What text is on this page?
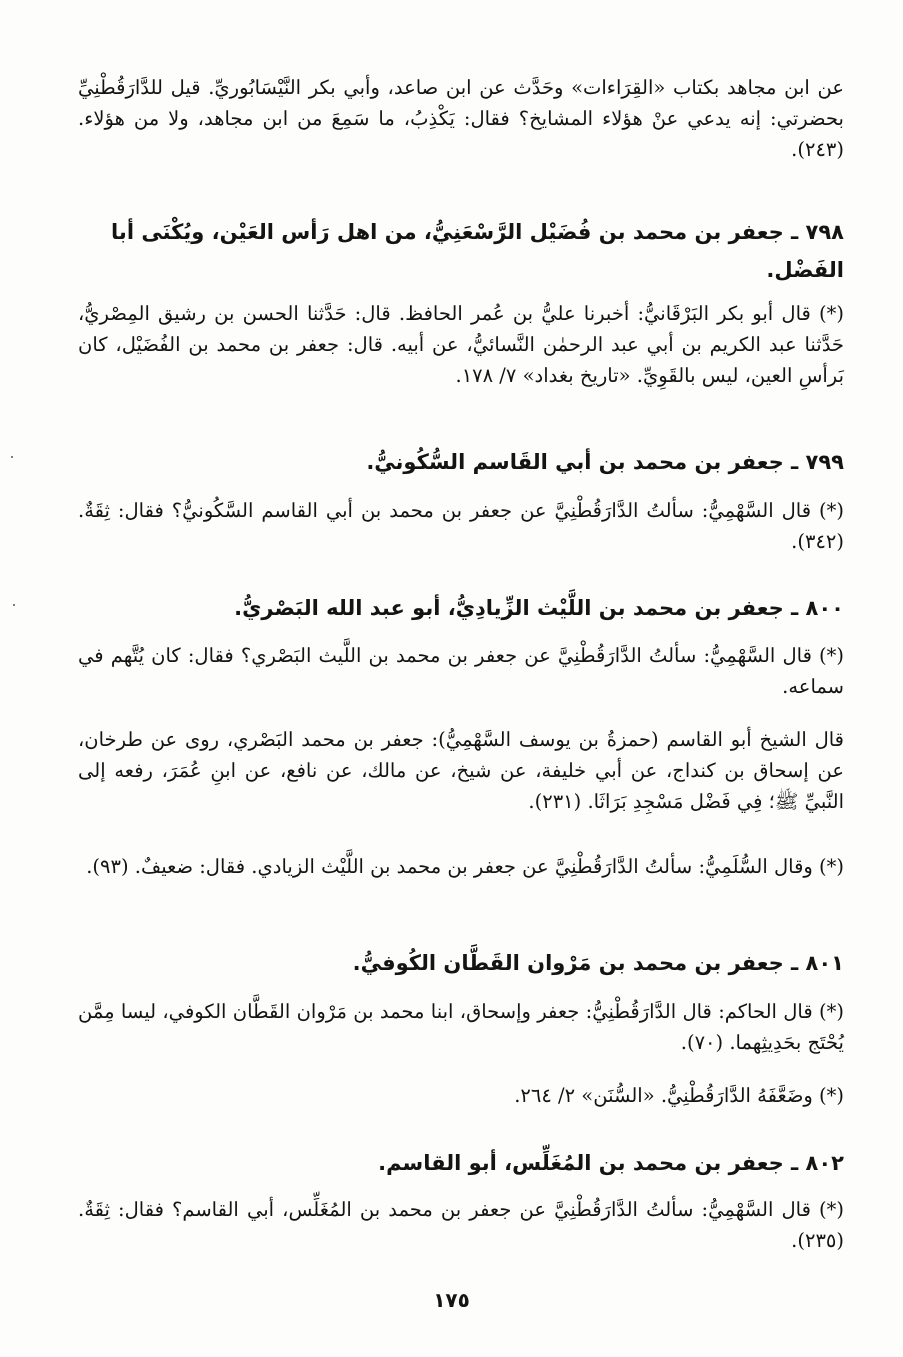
عن ابن مجاهد بكتاب «القِرَاءات» وحَدَّث عن ابن صاعد، وأبي بكر النَّيْسَابُوريِّ. قيل للدَّارَقُطْنِيِّ بحضرتي: إنه يدعي عنْ هؤلاء المشايخ؟ فقال: يَكْذِبُ، ما سَمِعَ من ابن مجاهد، ولا من هؤلاء. (٢٤٣).
٧٩٨ ـ جعفر بن محمد بن فُضَيْل الرَّسْعَنِيُّ، من اهل رَأس العَيْن، ويُكْنَى أبا الفَضْل.
(*) قال أبو بكر البَرْقَانيُّ: أخبرنا عليُّ بن عُمر الحافظ. قال: حَدَّثنا الحسن بن رشيق المِصْريُّ، حَدَّثنا عبد الكريم بن أبي عبد الرحمٰن النَّسائيُّ، عن أبيه. قال: جعفر بن محمد بن الفُضَيْل، كان بَرأسِ العين، ليس بالقَوِيِّ. «تاريخ بغداد» ٧/ ١٧٨.
٧٩٩ ـ جعفر بن محمد بن أبي القَاسم السُّكُونيُّ.
(*) قال السَّهْمِيُّ: سألتُ الدَّارَقُطْنِيَّ عن جعفر بن محمد بن أبي القاسم السَّكُونيُّ؟ فقال: ثِقَةٌ. (٣٤٢).
٨٠٠ ـ جعفر بن محمد بن اللَّيْث الزِّيادِيُّ، أبو عبد الله البَصْريُّ.
(*) قال السَّهْمِيُّ: سألتُ الدَّارَقُطْنِيَّ عن جعفر بن محمد بن اللَّيث البَصْري؟ فقال: كان يُتَّهم في سماعه.
قال الشيخ أبو القاسم (حمزةُ بن يوسف السَّهْمِيُّ): جعفر بن محمد البَصْري، روى عن طرخان، عن إسحاق بن كنداج، عن أبي خليفة، عن شيخ، عن مالك، عن نافع، عن ابنِ عُمَرَ، رفعه إلى النَّبيِّ ﷺ؛ فِي فَضْل مَسْجِدِ بَرَاثَا. (٢٣١).
(*) وقال السُّلَمِيُّ: سألتُ الدَّارَقُطْنِيَّ عن جعفر بن محمد بن اللَّيْث الزيادي. فقال: ضعيفٌ. (٩٣).
٨٠١ ـ جعفر بن محمد بن مَرْوان القَطَّان الكُوفيُّ.
(*) قال الحاكم: قال الدَّارَقُطْنِيُّ: جعفر وإسحاق، ابنا محمد بن مَرْوان القَطَّان الكوفي، ليسا مِمَّن يُحْتَج بحَدِيثِهما. (٧٠).
(*) وضَعَّفَهُ الدَّارَقُطْنِيُّ. «السُّنَن» ٢/ ٢٦٤.
٨٠٢ ـ جعفر بن محمد بن المُغَلِّس، أبو القاسم.
(*) قال السَّهْمِيُّ: سألتُ الدَّارَقُطْنِيَّ عن جعفر بن محمد بن المُغَلِّس، أبي القاسم؟ فقال: ثِقَةٌ. (٢٣٥).
١٧٥
